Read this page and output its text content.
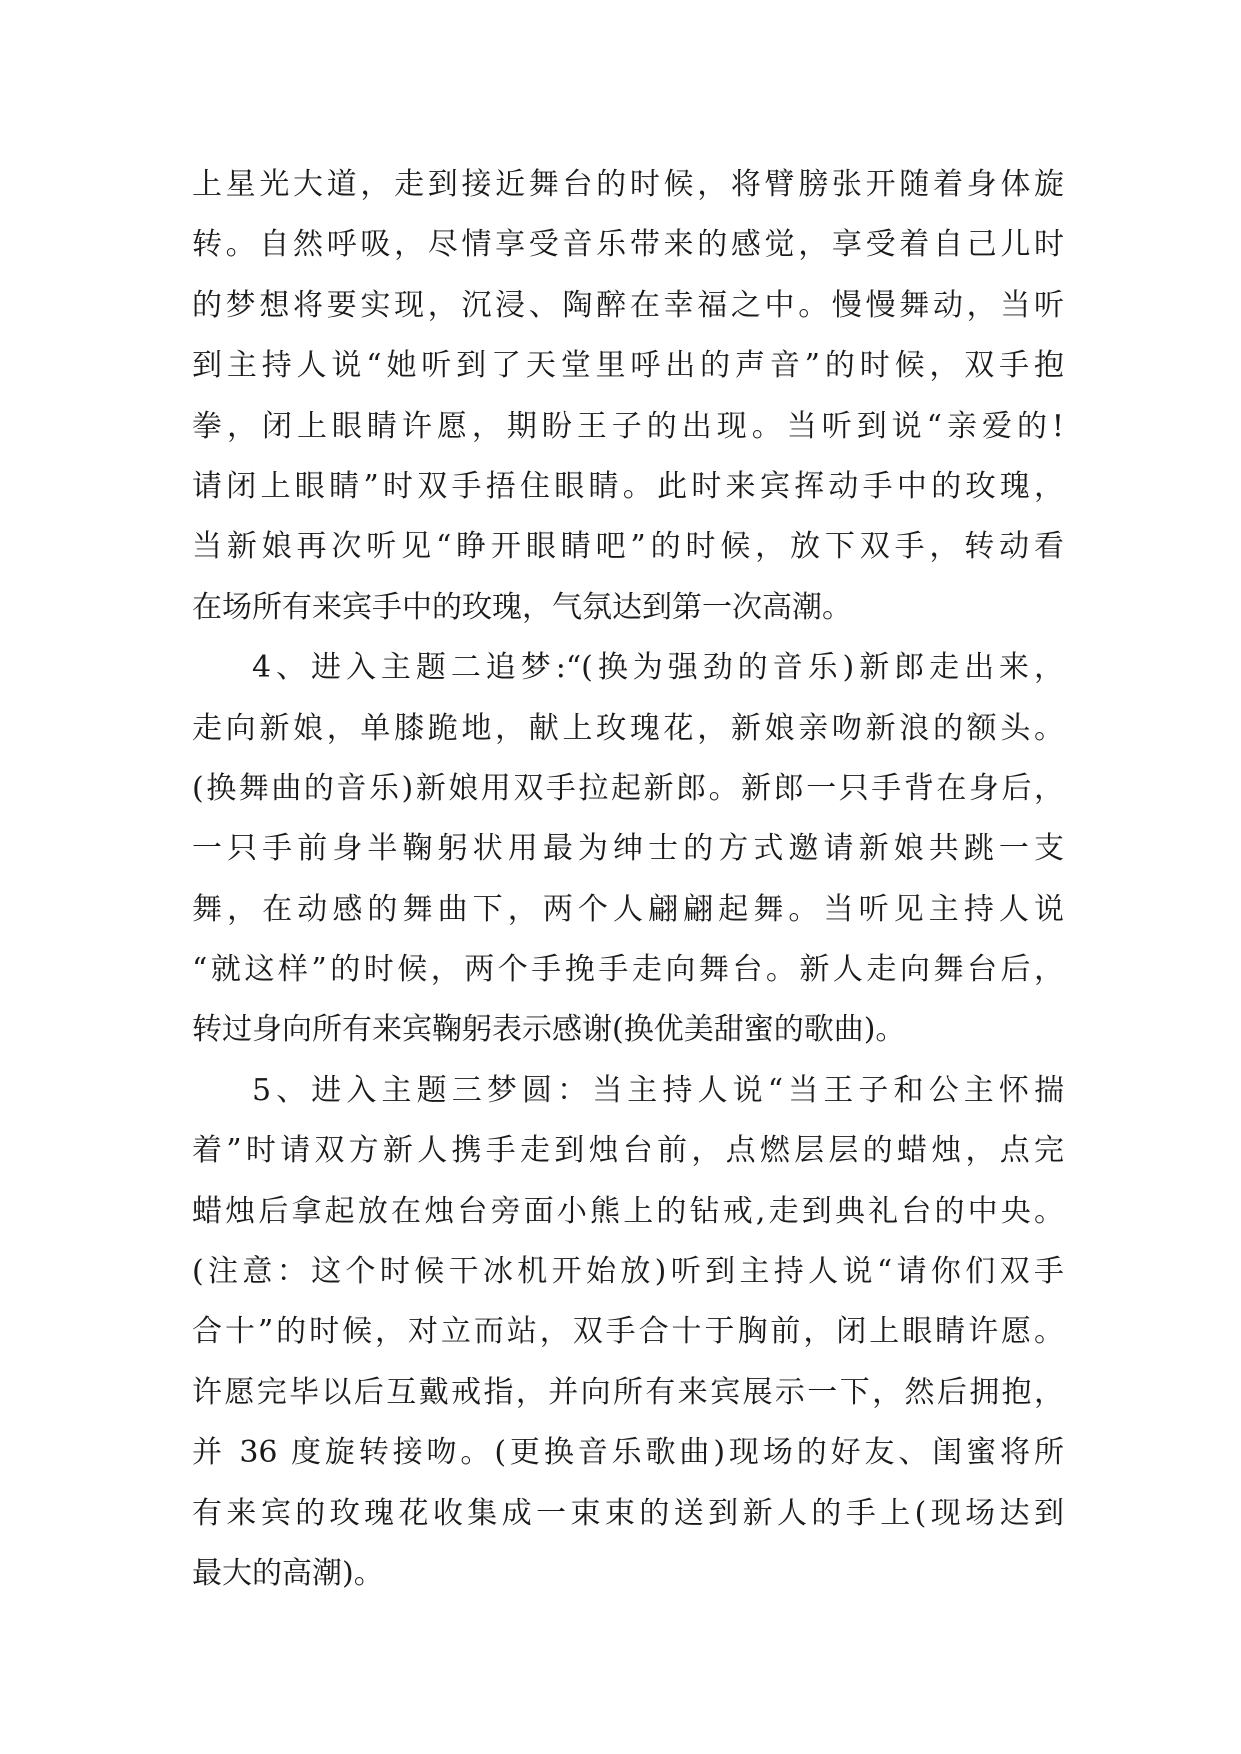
上星光大道，走到接近舞台的时候，将臂膀张开随着身体旋
转。自然呼吸，尽情享受音乐带来的感觉，享受着自己儿时
的梦想将要实现，沉浸、陶醉在幸福之中。慢慢舞动，当听
到主持人说“她听到了天堂里呼出的声音”的时候，双手抱
拳，闭上眼睛许愿，期盼王子的出现。当听到说“亲爱的!
请闭上眼睛”时双手捂住眼睛。此时来宾挥动手中的玫瑰，
当新娘再次听见“睁开眼睛吧”的时候，放下双手，转动看
在场所有来宾手中的玫瑰，气氛达到第一次高潮。
4、进入主题二追梦:“(换为强劲的音乐)新郎走出来，
走向新娘，单膝跪地，献上玫瑰花，新娘亲吻新浪的额头。
(换舞曲的音乐)新娘用双手拉起新郎。新郎一只手背在身后，
一只手前身半鞠躬状用最为绅士的方式邀请新娘共跳一支
舞，在动感的舞曲下，两个人翩翩起舞。当听见主持人说
“就这样”的时候，两个手挽手走向舞台。新人走向舞台后，
转过身向所有来宾鞠躬表示感谢(换优美甜蜜的歌曲)。
5、进入主题三梦圆：当主持人说“当王子和公主怀揣
着”时请双方新人携手走到烛台前，点燃层层的蜡烛，点完
蜡烛后拿起放在烛台旁面小熊上的钻戒,走到典礼台的中央。
(注意：这个时候干冰机开始放)听到主持人说“请你们双手
合十”的时候，对立而站，双手合十于胸前，闭上眼睛许愿。
许愿完毕以后互戴戒指，并向所有来宾展示一下，然后拥抱，
并 36 度旋转接吻。(更换音乐歌曲)现场的好友、闺蜜将所
有来宾的玫瑰花收集成一束束的送到新人的手上(现场达到
最大的高潮)。
